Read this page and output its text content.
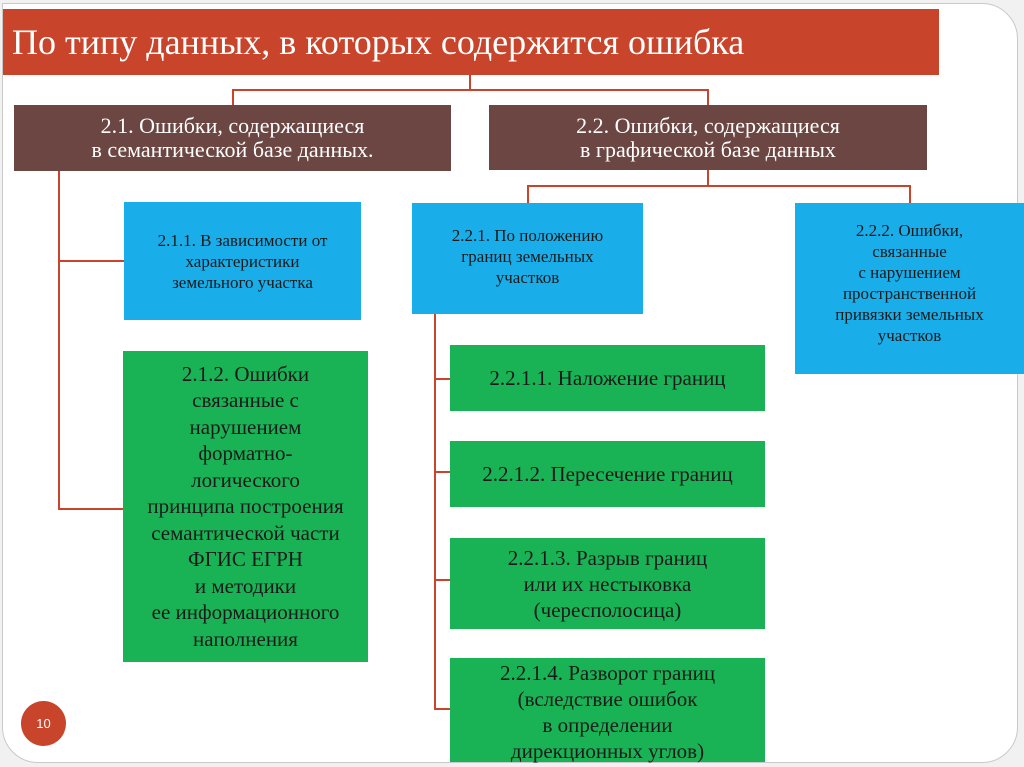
По типу данных, в которых содержится ошибка
2.1. Ошибки, содержащиеся
в семантической базе данных.
2.2. Ошибки, содержащиеся
в графической базе данных
2.1.1. В зависимости от
характеристики
земельного участка
2.2.1. По положению
границ земельных
участков
2.2.2. Ошибки,
связанные
с нарушением
пространственной
привязки земельных
участков
2.1.2. Ошибки
связанные с
нарушением
форматно-
логического
принципа построения
семантической части
ФГИС ЕГРН
и методики
ее информационного
наполнения
2.2.1.1. Наложение границ
2.2.1.2. Пересечение границ
2.2.1.3. Разрыв границ
или их нестыковка
(чересполосица)
2.2.1.4. Разворот границ
(вследствие ошибок
в определении
дирекционных углов)
10
